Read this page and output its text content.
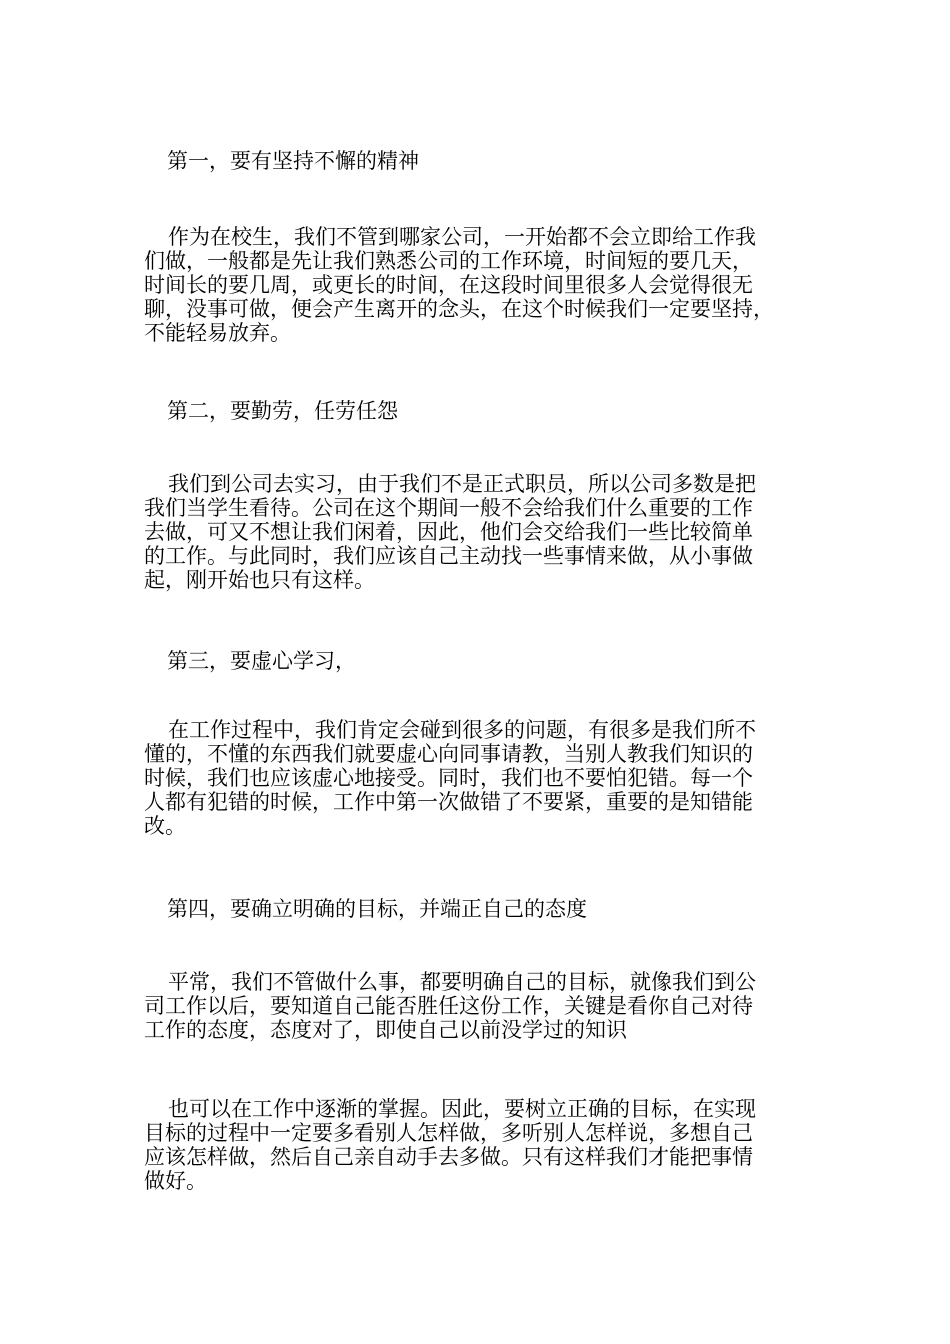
第一，要有坚持不懈的精神
作为在校生，我们不管到哪家公司，一开始都不会立即给工作我
们做，一般都是先让我们熟悉公司的工作环境，时间短的要几天，
时间长的要几周，或更长的时间，在这段时间里很多人会觉得很无
聊，没事可做，便会产生离开的念头，在这个时候我们一定要坚持，
不能轻易放弃。
第二，要勤劳，任劳任怨
我们到公司去实习，由于我们不是正式职员，所以公司多数是把
我们当学生看待。公司在这个期间一般不会给我们什么重要的工作
去做，可又不想让我们闲着，因此，他们会交给我们一些比较简单
的工作。与此同时，我们应该自己主动找一些事情来做，从小事做
起，刚开始也只有这样。
第三，要虚心学习，
在工作过程中，我们肯定会碰到很多的问题，有很多是我们所不
懂的，不懂的东西我们就要虚心向同事请教，当别人教我们知识的
时候，我们也应该虚心地接受。同时，我们也不要怕犯错。每一个
人都有犯错的时候，工作中第一次做错了不要紧，重要的是知错能
改。
第四，要确立明确的目标，并端正自己的态度
平常，我们不管做什么事，都要明确自己的目标，就像我们到公
司工作以后，要知道自己能否胜任这份工作，关键是看你自己对待
工作的态度，态度对了，即使自己以前没学过的知识
也可以在工作中逐渐的掌握。因此，要树立正确的目标，在实现
目标的过程中一定要多看别人怎样做，多听别人怎样说，多想自己
应该怎样做，然后自己亲自动手去多做。只有这样我们才能把事情
做好。
